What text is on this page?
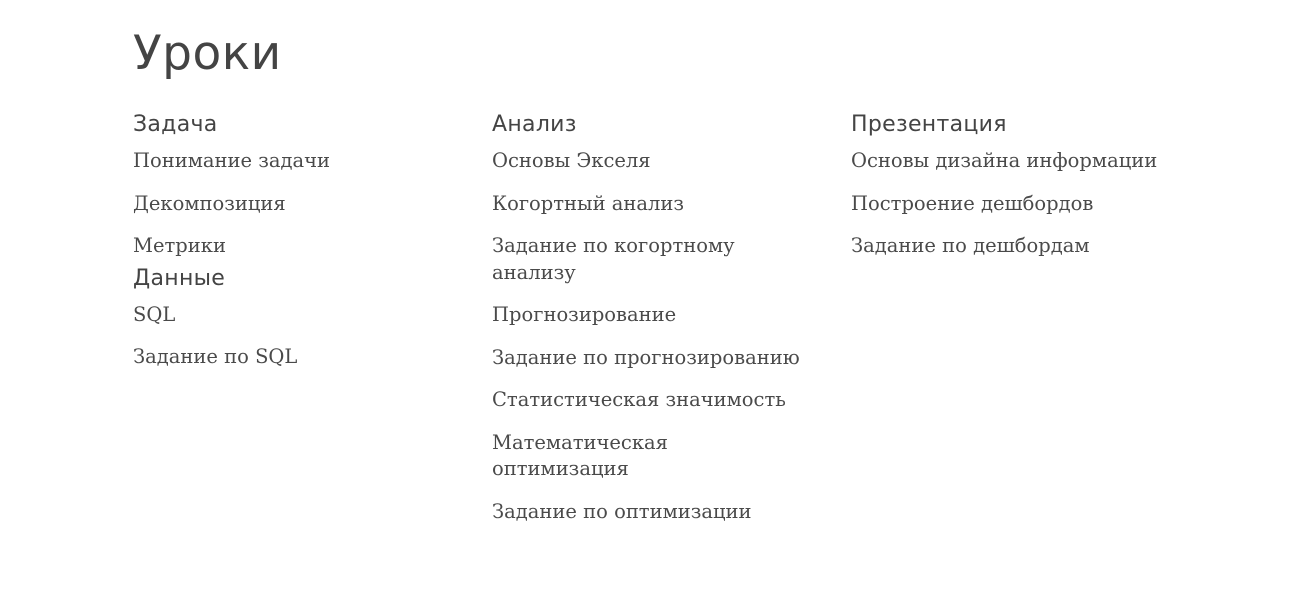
Уроки
Задача
Понимание задачи
Декомпозиция
Метрики
Данные
SQL
Задание по SQL
Анализ
Основы Экселя
Когортный анализ
Задание по когортному анализу
Прогнозирование
Задание по прогнозированию
Статистическая значимость
Математическая оптимизация
Задание по оптимизации
Презентация
Основы дизайна информации
Построение дешбордов
Задание по дешбордам
